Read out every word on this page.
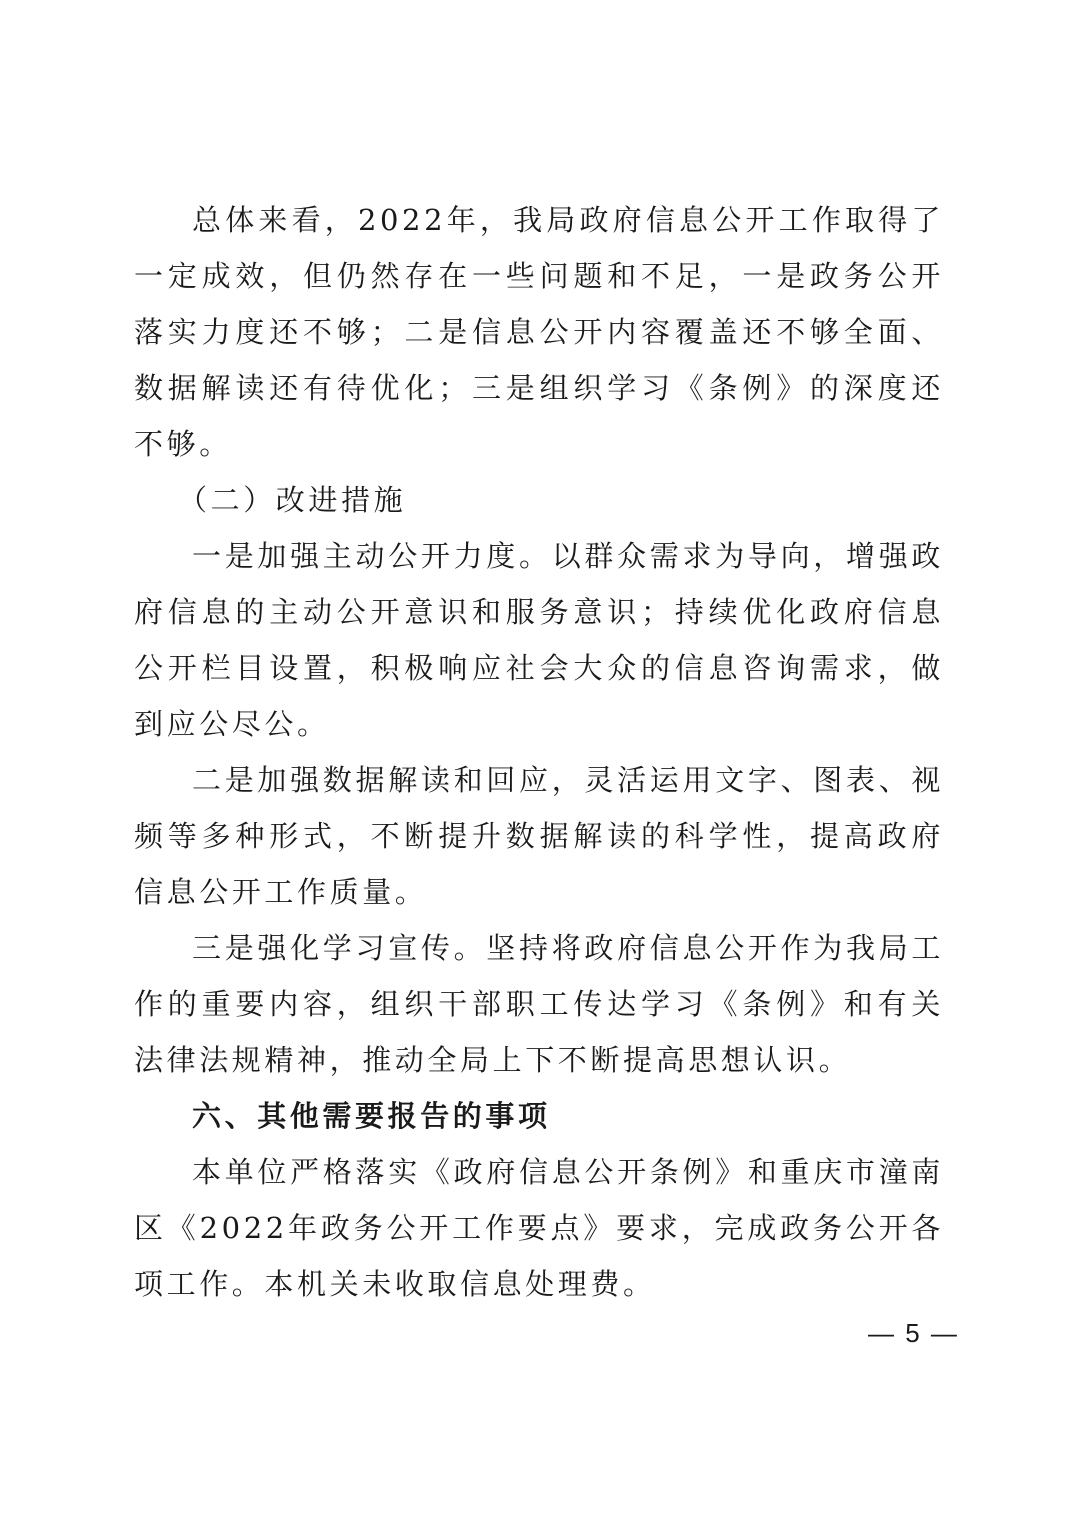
总体来看，2022年，我局政府信息公开工作取得了一定成效，但仍然存在一些问题和不足，一是政务公开落实力度还不够；二是信息公开内容覆盖还不够全面、数据解读还有待优化；三是组织学习《条例》的深度还不够。

（二）改进措施

一是加强主动公开力度。以群众需求为导向，增强政府信息的主动公开意识和服务意识；持续优化政府信息公开栏目设置，积极响应社会大众的信息咨询需求，做到应公尽公。

二是加强数据解读和回应，灵活运用文字、图表、视频等多种形式，不断提升数据解读的科学性，提高政府信息公开工作质量。

三是强化学习宣传。坚持将政府信息公开作为我局工作的重要内容，组织干部职工传达学习《条例》和有关法律法规精神，推动全局上下不断提高思想认识。

六、其他需要报告的事项

本单位严格落实《政府信息公开条例》和重庆市潼南区《2022年政务公开工作要点》要求，完成政务公开各项工作。本机关未收取信息处理费。

— 5 —
